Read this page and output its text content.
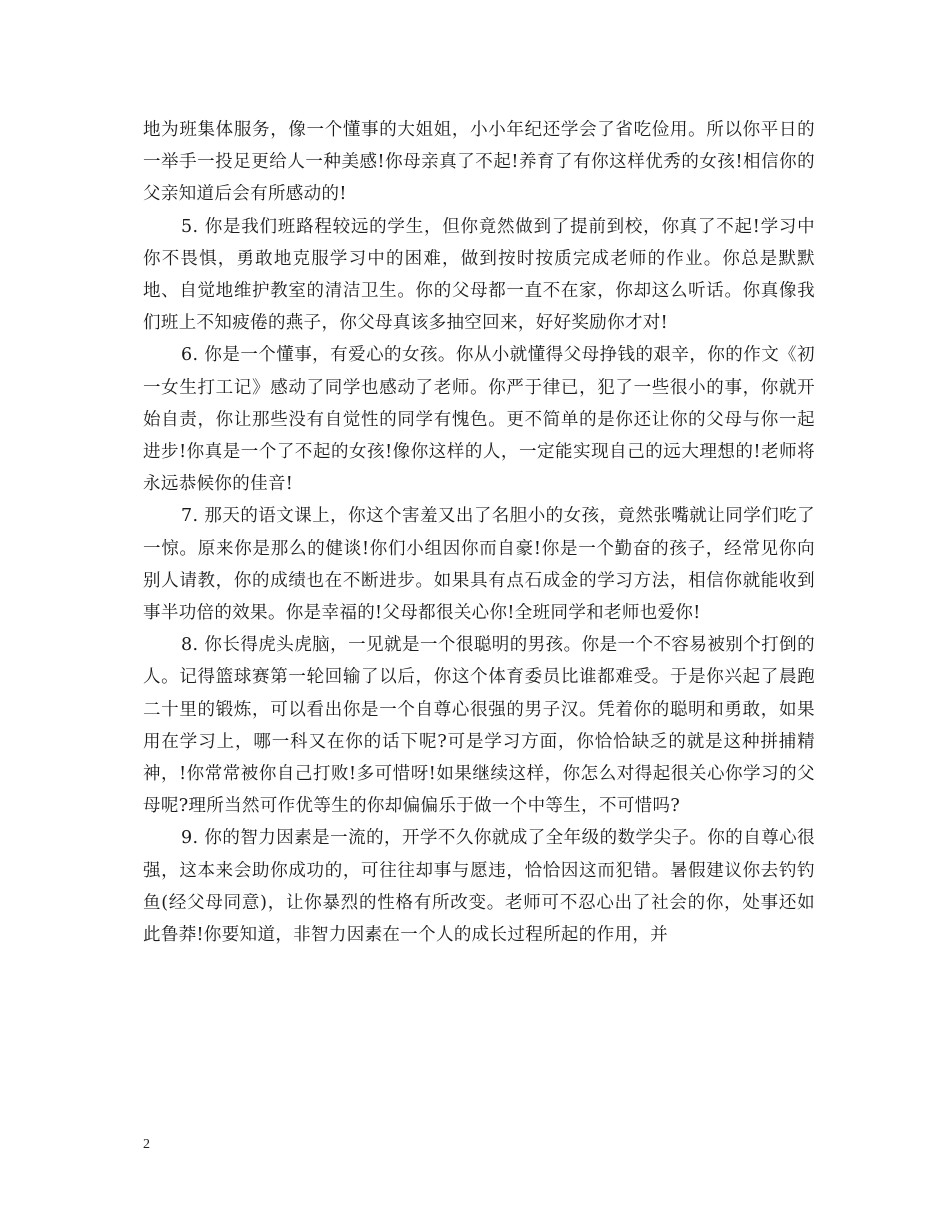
地为班集体服务，像一个懂事的大姐姐，小小年纪还学会了省吃俭用。所以你平日的一举手一投足更给人一种美感!你母亲真了不起!养育了有你这样优秀的女孩!相信你的父亲知道后会有所感动的!

5. 你是我们班路程较远的学生，但你竟然做到了提前到校，你真了不起!学习中你不畏惧，勇敢地克服学习中的困难，做到按时按质完成老师的作业。你总是默默地、自觉地维护教室的清洁卫生。你的父母都一直不在家，你却这么听话。你真像我们班上不知疲倦的燕子，你父母真该多抽空回来，好好奖励你才对!

6. 你是一个懂事，有爱心的女孩。你从小就懂得父母挣钱的艰辛，你的作文《初一女生打工记》感动了同学也感动了老师。你严于律已，犯了一些很小的事，你就开始自责，你让那些没有自觉性的同学有愧色。更不简单的是你还让你的父母与你一起进步!你真是一个了不起的女孩!像你这样的人，一定能实现自己的远大理想的!老师将永远恭候你的佳音!

7. 那天的语文课上，你这个害羞又出了名胆小的女孩，竟然张嘴就让同学们吃了一惊。原来你是那么的健谈!你们小组因你而自豪!你是一个勤奋的孩子，经常见你向别人请教，你的成绩也在不断进步。如果具有点石成金的学习方法，相信你就能收到事半功倍的效果。你是幸福的!父母都很关心你!全班同学和老师也爱你!

8. 你长得虎头虎脑，一见就是一个很聪明的男孩。你是一个不容易被别个打倒的人。记得篮球赛第一轮回输了以后，你这个体育委员比谁都难受。于是你兴起了晨跑二十里的锻炼，可以看出你是一个自尊心很强的男子汉。凭着你的聪明和勇敢，如果用在学习上，哪一科又在你的话下呢?可是学习方面，你恰恰缺乏的就是这种拼捕精神，!你常常被你自己打败!多可惜呀!如果继续这样，你怎么对得起很关心你学习的父母呢?理所当然可作优等生的你却偏偏乐于做一个中等生，不可惜吗?

9. 你的智力因素是一流的，开学不久你就成了全年级的数学尖子。你的自尊心很强，这本来会助你成功的，可往往却事与愿违，恰恰因这而犯错。暑假建议你去钓钓鱼(经父母同意)，让你暴烈的性格有所改变。老师可不忍心出了社会的你，处事还如此鲁莽!你要知道，非智力因素在一个人的成长过程所起的作用，并

2
